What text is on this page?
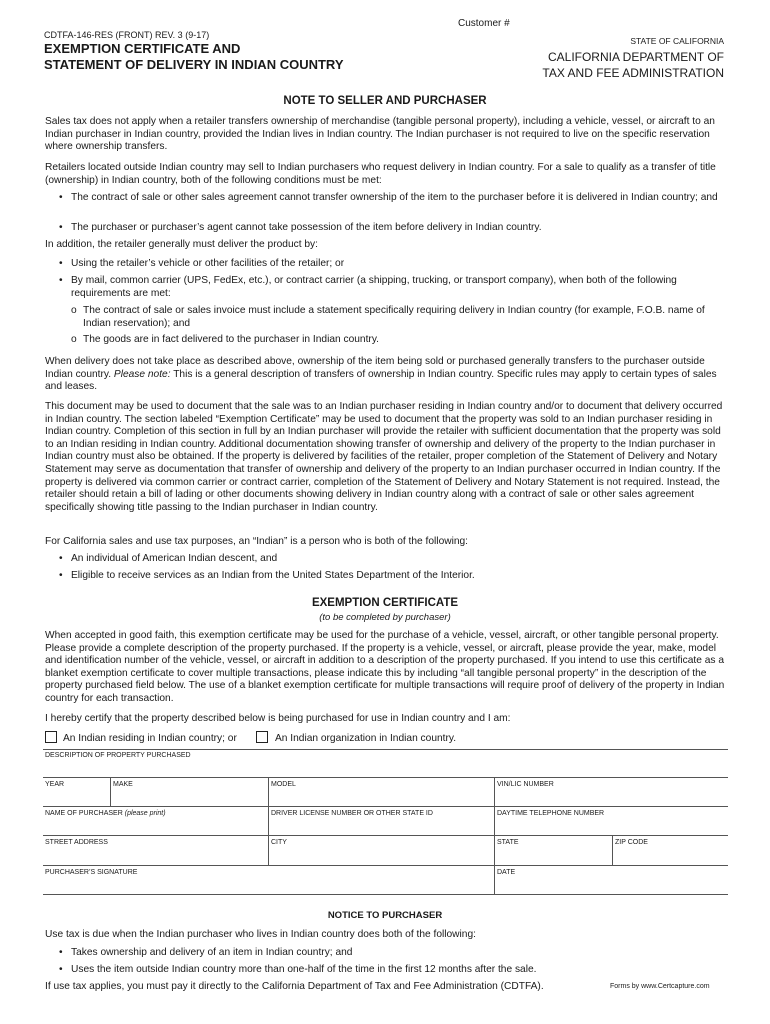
Customer #
CDTFA-146-RES (FRONT) REV. 3 (9-17)
EXEMPTION CERTIFICATE AND
STATEMENT OF DELIVERY IN INDIAN COUNTRY
STATE OF CALIFORNIA
CALIFORNIA DEPARTMENT OF
TAX AND FEE ADMINISTRATION
NOTE TO SELLER AND PURCHASER
Sales tax does not apply when a retailer transfers ownership of merchandise (tangible personal property), including a vehicle, vessel, or aircraft to an Indian purchaser in Indian country, provided the Indian lives in Indian country. The Indian purchaser is not required to live on the specific reservation where ownership transfers.
Retailers located outside Indian country may sell to Indian purchasers who request delivery in Indian country. For a sale to qualify as a transfer of title (ownership) in Indian country, both of the following conditions must be met:
• The contract of sale or other sales agreement cannot transfer ownership of the item to the purchaser before it is delivered in Indian country; and
• The purchaser or purchaser’s agent cannot take possession of the item before delivery in Indian country.
In addition, the retailer generally must deliver the product by:
• Using the retailer’s vehicle or other facilities of the retailer; or
• By mail, common carrier (UPS, FedEx, etc.), or contract carrier (a shipping, trucking, or transport company), when both of the following requirements are met:
o The contract of sale or sales invoice must include a statement specifically requiring delivery in Indian country (for example, F.O.B. name of Indian reservation); and
o The goods are in fact delivered to the purchaser in Indian country.
When delivery does not take place as described above, ownership of the item being sold or purchased generally transfers to the purchaser outside Indian country. Please note: This is a general description of transfers of ownership in Indian country. Specific rules may apply to certain types of sales and leases.
This document may be used to document that the sale was to an Indian purchaser residing in Indian country and/or to document that delivery occurred in Indian country. The section labeled “Exemption Certificate” may be used to document that the property was sold to an Indian purchaser residing in Indian country. Completion of this section in full by an Indian purchaser will provide the retailer with sufficient documentation that the property was sold to an Indian residing in Indian country. Additional documentation showing transfer of ownership and delivery of the property to the Indian purchaser in Indian country must also be obtained. If the property is delivered by facilities of the retailer, proper completion of the Statement of Delivery and Notary Statement may serve as documentation that transfer of ownership and delivery of the property to an Indian purchaser occurred in Indian country. If the property is delivered via common carrier or contract carrier, completion of the Statement of Delivery and Notary Statement is not required. Instead, the retailer should retain a bill of lading or other documents showing delivery in Indian country along with a contract of sale or other sales agreement specifically showing title passing to the Indian purchaser in Indian country.
For California sales and use tax purposes, an “Indian” is a person who is both of the following:
• An individual of American Indian descent, and
• Eligible to receive services as an Indian from the United States Department of the Interior.
EXEMPTION CERTIFICATE
(to be completed by purchaser)
When accepted in good faith, this exemption certificate may be used for the purchase of a vehicle, vessel, aircraft, or other tangible personal property. Please provide a complete description of the property purchased. If the property is a vehicle, vessel, or aircraft, please provide the year, make, model and identification number of the vehicle, vessel, or aircraft in addition to a description of the property purchased. If you intend to use this certificate as a blanket exemption certificate to cover multiple transactions, please indicate this by including “all tangible personal property” in the description of the property purchased field below. The use of a blanket exemption certificate for multiple transactions will require proof of delivery of the property in Indian country for each transaction.
I hereby certify that the property described below is being purchased for use in Indian country and I am:
An Indian residing in Indian country; or	An Indian organization in Indian country.
DESCRIPTION OF PROPERTY PURCHASED
YEAR	MAKE	MODEL	VIN/LIC NUMBER
NAME OF PURCHASER (please print)	DRIVER LICENSE NUMBER OR OTHER STATE ID	DAYTIME TELEPHONE NUMBER
STREET ADDRESS	CITY	STATE	ZIP CODE
PURCHASER’S SIGNATURE	DATE
NOTICE TO PURCHASER
Use tax is due when the Indian purchaser who lives in Indian country does both of the following:
• Takes ownership and delivery of an item in Indian country; and
• Uses the item outside Indian country more than one-half of the time in the first 12 months after the sale.
If use tax applies, you must pay it directly to the California Department of Tax and Fee Administration (CDTFA).	Forms by www.Certcapture.com
